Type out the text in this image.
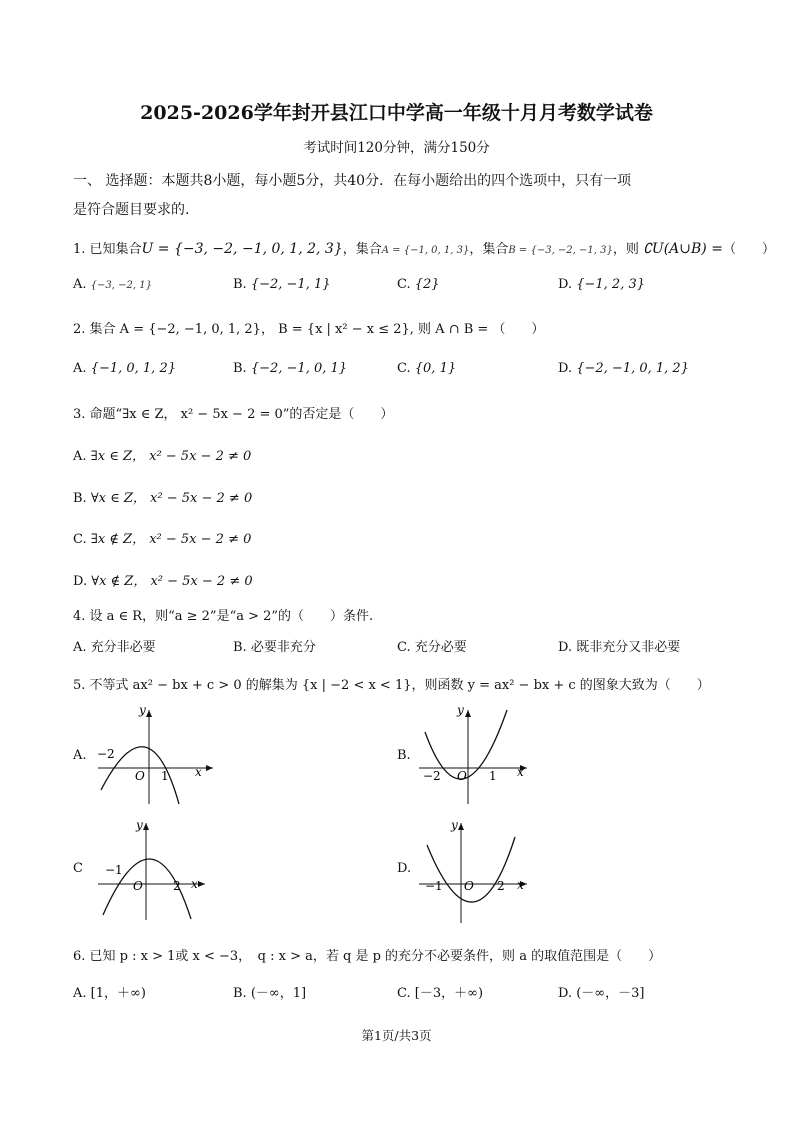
2025-2026学年封开县江口中学高一年级十月月考数学试卷
考试时间120分钟，满分150分
一、 选择题：本题共8小题，每小题5分，共40分．在每小题给出的四个选项中，只有一项
是符合题目要求的.
1. 已知集合U = {−3, −2, −1, 0, 1, 2, 3}，集合A = {−1, 0, 1, 3}，集合B = {−3, −2, −1, 3}，则 ∁U(A∪B) =（　　）
A. {−3, −2, 1}	B. {−2, −1, 1}	C. {2}	D. {−1, 2, 3}
2. 集合 A = {−2, −1, 0, 1, 2}， B = {x | x² − x ≤ 2}, 则 A ∩ B = （　　）
A. {−1, 0, 1, 2}	B. {−2, −1, 0, 1}	C. {0, 1}	D. {−2, −1, 0, 1, 2}
3. 命题“∃x ∈ Z， x² − 5x − 2 = 0”的否定是（　　）
A. ∃x ∈ Z， x² − 5x − 2 ≠ 0
B. ∀x ∈ Z， x² − 5x − 2 ≠ 0
C. ∃x ∉ Z， x² − 5x − 2 ≠ 0
D. ∀x ∉ Z， x² − 5x − 2 ≠ 0
4. 设 a ∈ R，则“a ≥ 2”是“a > 2”的（　　）条件.
A. 充分非必要	B. 必要非充分	C. 充分必要	D. 既非充分又非必要
5. 不等式 ax² − bx + c > 0 的解集为 {x | −2 < x < 1}，则函数 y = ax² − bx + c 的图象大致为（　　）
A.
y
x
O
−2
1
B.
y
x
O
−2	1
C
y
x
O
−1
2
D.
y
x
O
−1	2
6. 已知 p : x > 1或 x < −3，　q : x > a，若 q 是 p 的充分不必要条件，则 a 的取值范围是（　　）
A. [1，＋∞)	B. (－∞，1]	C. [－3，＋∞)	D. (－∞，－3]
第1页/共3页
